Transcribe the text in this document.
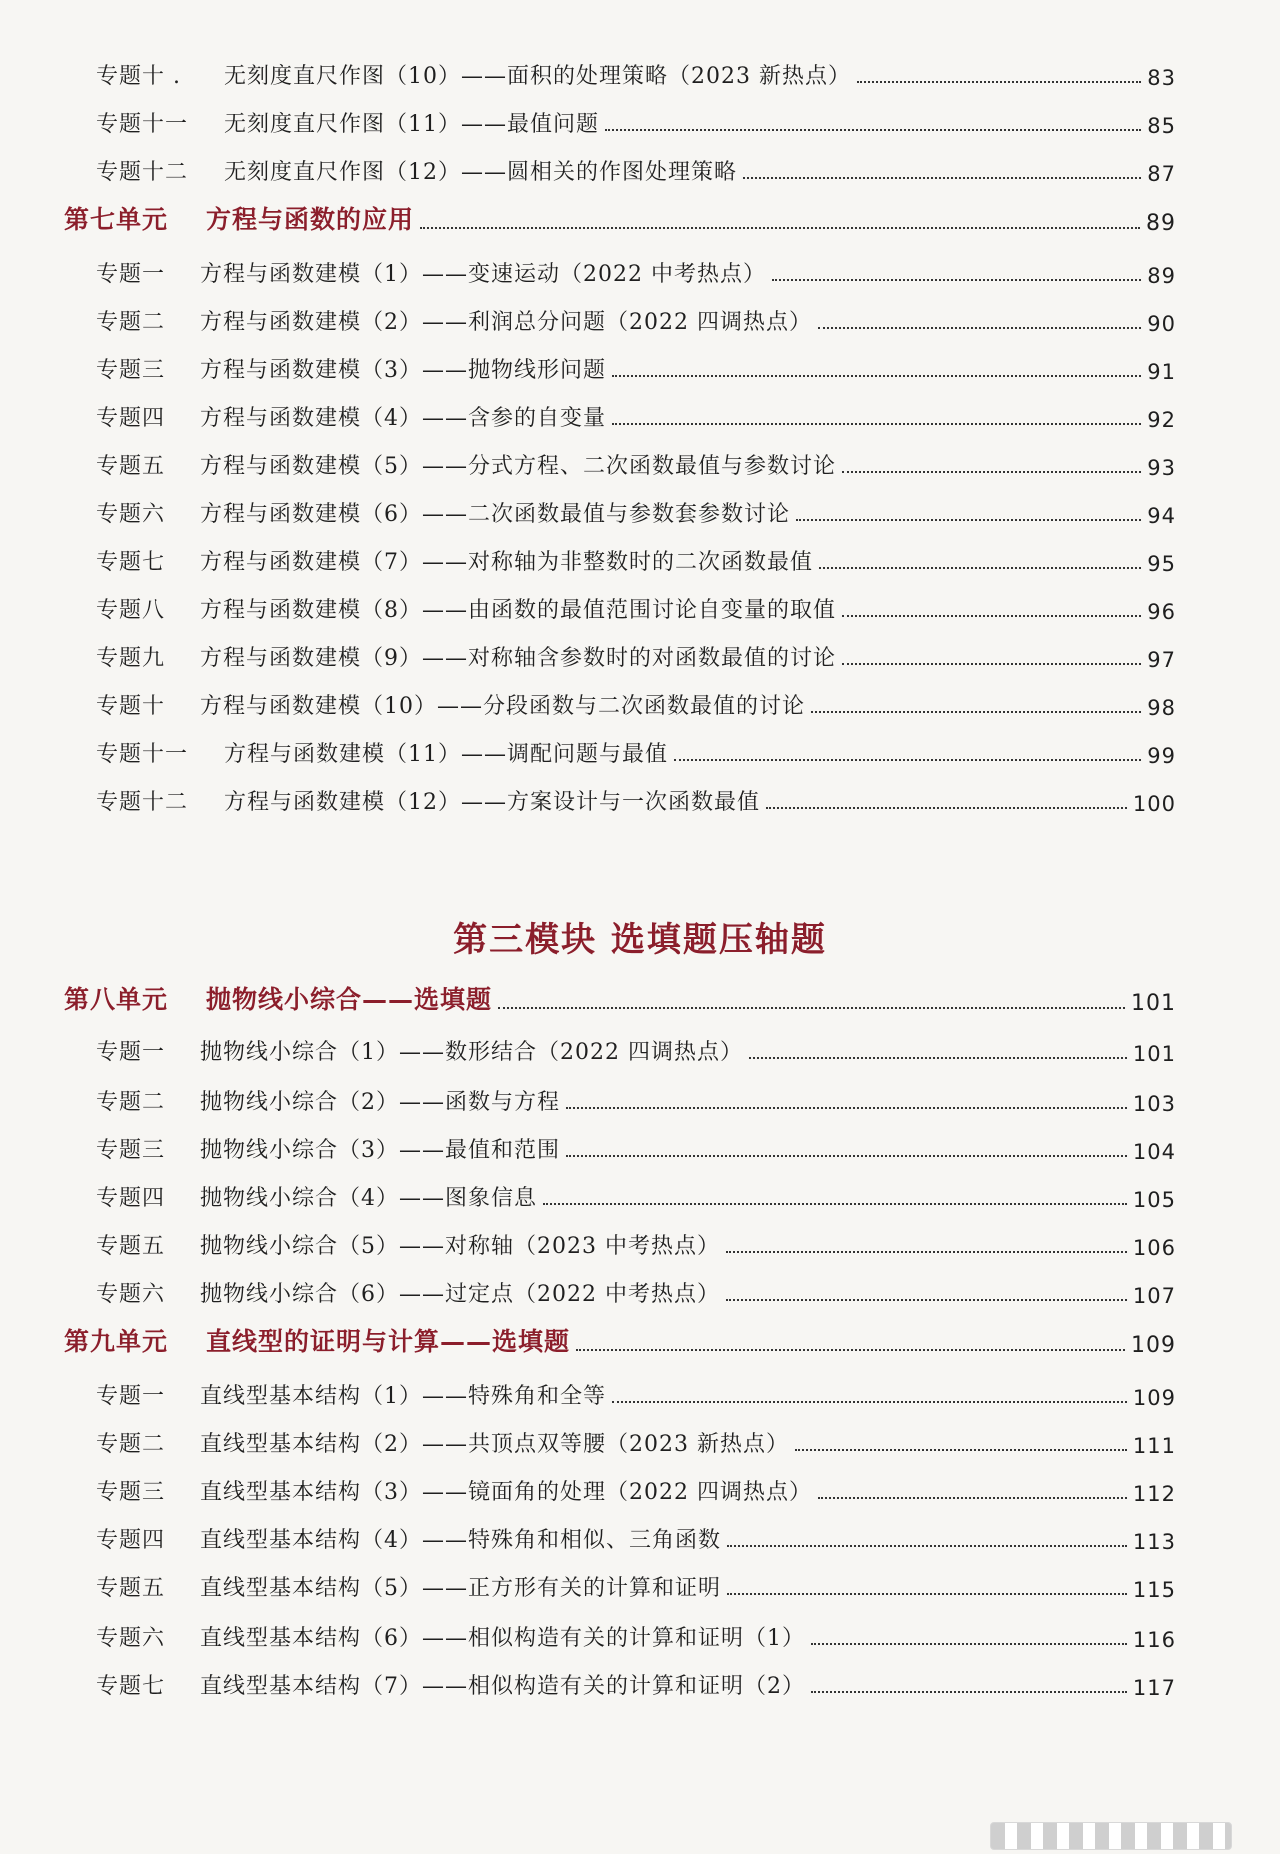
专题十 .	无刻度直尺作图（10）——面积的处理策略（2023 新热点）	83
专题十一	无刻度直尺作图（11）——最值问题	85
专题十二	无刻度直尺作图（12）——圆相关的作图处理策略	87
第七单元	方程与函数的应用	89
专题一	方程与函数建模（1）——变速运动（2022 中考热点）	89
专题二	方程与函数建模（2）——利润总分问题（2022 四调热点）	90
专题三	方程与函数建模（3）——抛物线形问题	91
专题四	方程与函数建模（4）——含参的自变量	92
专题五	方程与函数建模（5）——分式方程、二次函数最值与参数讨论	93
专题六	方程与函数建模（6）——二次函数最值与参数套参数讨论	94
专题七	方程与函数建模（7）——对称轴为非整数时的二次函数最值	95
专题八	方程与函数建模（8）——由函数的最值范围讨论自变量的取值	96
专题九	方程与函数建模（9）——对称轴含参数时的对函数最值的讨论	97
专题十	方程与函数建模（10）——分段函数与二次函数最值的讨论	98
专题十一	方程与函数建模（11）——调配问题与最值	99
专题十二	方程与函数建模（12）——方案设计与一次函数最值	100
第三模块 选填题压轴题
第八单元	抛物线小综合——选填题	101
专题一	抛物线小综合（1）——数形结合（2022 四调热点）	101
专题二	抛物线小综合（2）——函数与方程	103
专题三	抛物线小综合（3）——最值和范围	104
专题四	抛物线小综合（4）——图象信息	105
专题五	抛物线小综合（5）——对称轴（2023 中考热点）	106
专题六	抛物线小综合（6）——过定点（2022 中考热点）	107
第九单元	直线型的证明与计算——选填题	109
专题一	直线型基本结构（1）——特殊角和全等	109
专题二	直线型基本结构（2）——共顶点双等腰（2023 新热点）	111
专题三	直线型基本结构（3）——镜面角的处理（2022 四调热点）	112
专题四	直线型基本结构（4）——特殊角和相似、三角函数	113
专题五	直线型基本结构（5）——正方形有关的计算和证明	115
专题六	直线型基本结构（6）——相似构造有关的计算和证明（1）	116
专题七	直线型基本结构（7）——相似构造有关的计算和证明（2）	117
